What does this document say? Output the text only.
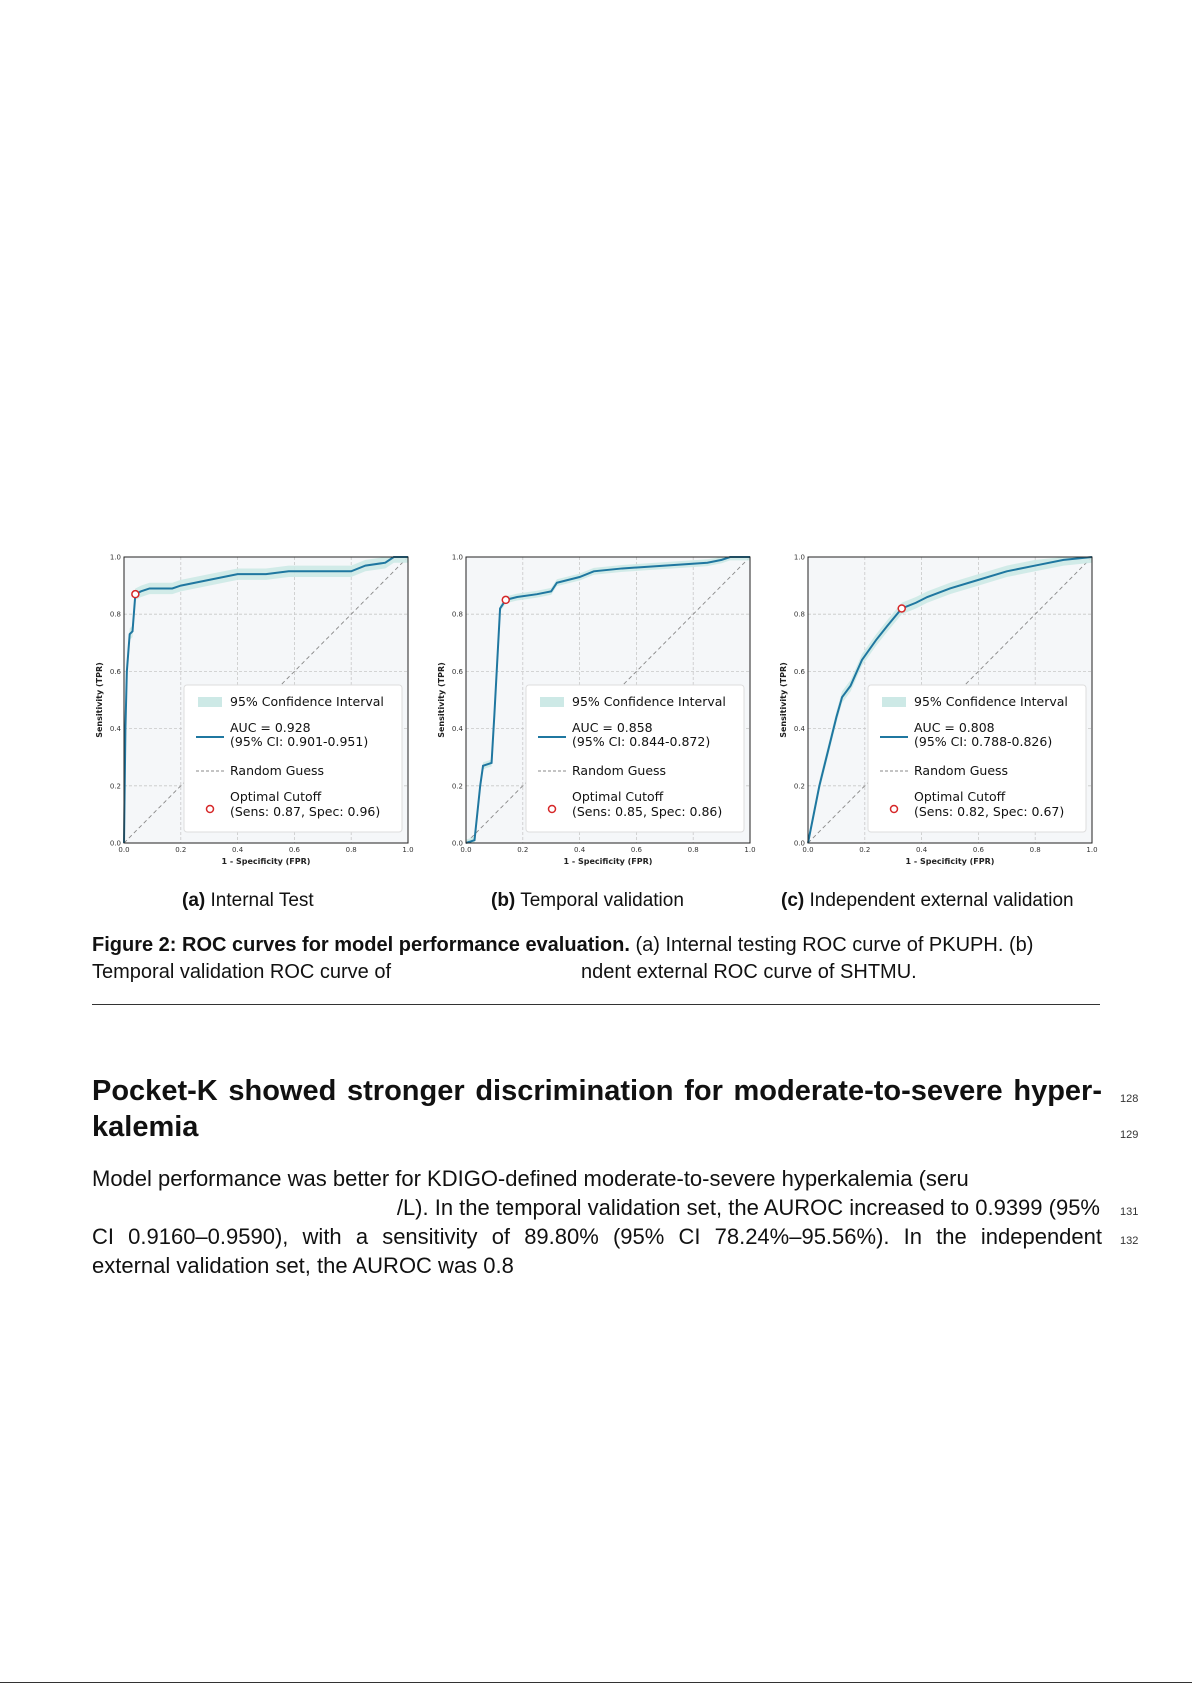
0.0	0.2	0.4	0.6	0.8	1.0
0.0
0.2
0.4
0.6
0.8
1.0
1 - Specificity (FPR)
Sensitivity (TPR)	95% Confidence Interval
AUC = 0.928
(95% CI: 0.901-0.951)
Random Guess
Optimal Cutoff
(Sens: 0.87, Spec: 0.96)
0.0	0.2	0.4	0.6	0.8	1.0
0.0
0.2
0.4
0.6
0.8
1.0
1 - Specificity (FPR)
Sensitivity (TPR)	95% Confidence Interval
AUC = 0.858
(95% CI: 0.844-0.872)
Random Guess
Optimal Cutoff
(Sens: 0.85, Spec: 0.86)
0.0	0.2	0.4	0.6	0.8	1.0
0.0
0.2
0.4
0.6
0.8
1.0
1 - Specificity (FPR)
Sensitivity (TPR)	95% Confidence Interval
AUC = 0.808
(95% CI: 0.788-0.826)
Random Guess
Optimal Cutoff
(Sens: 0.82, Spec: 0.67)
(a) Internal Test	(b) Temporal validation	(c) Independent external validation
Figure 2: ROC curves for model performance evaluation. (a) Internal testing ROC curve of PKUPH. (b)
Temporal validation ROC curve of	ndent external ROC curve of SHTMU.
Pocket-K showed stronger discrimination for moderate-to-severe hyper-
kalemia
128
129
Model performance was better for KDIGO-defined moderate-to-severe hyperkalemia (seru
/L). In the temporal validation set, the AUROC increased to 0.9399 (95%
CI 0.9160–0.9590), with a sensitivity of 89.80% (95% CI 78.24%–95.56%). In the independent
external validation set, the AUROC was 0.8
131
132
